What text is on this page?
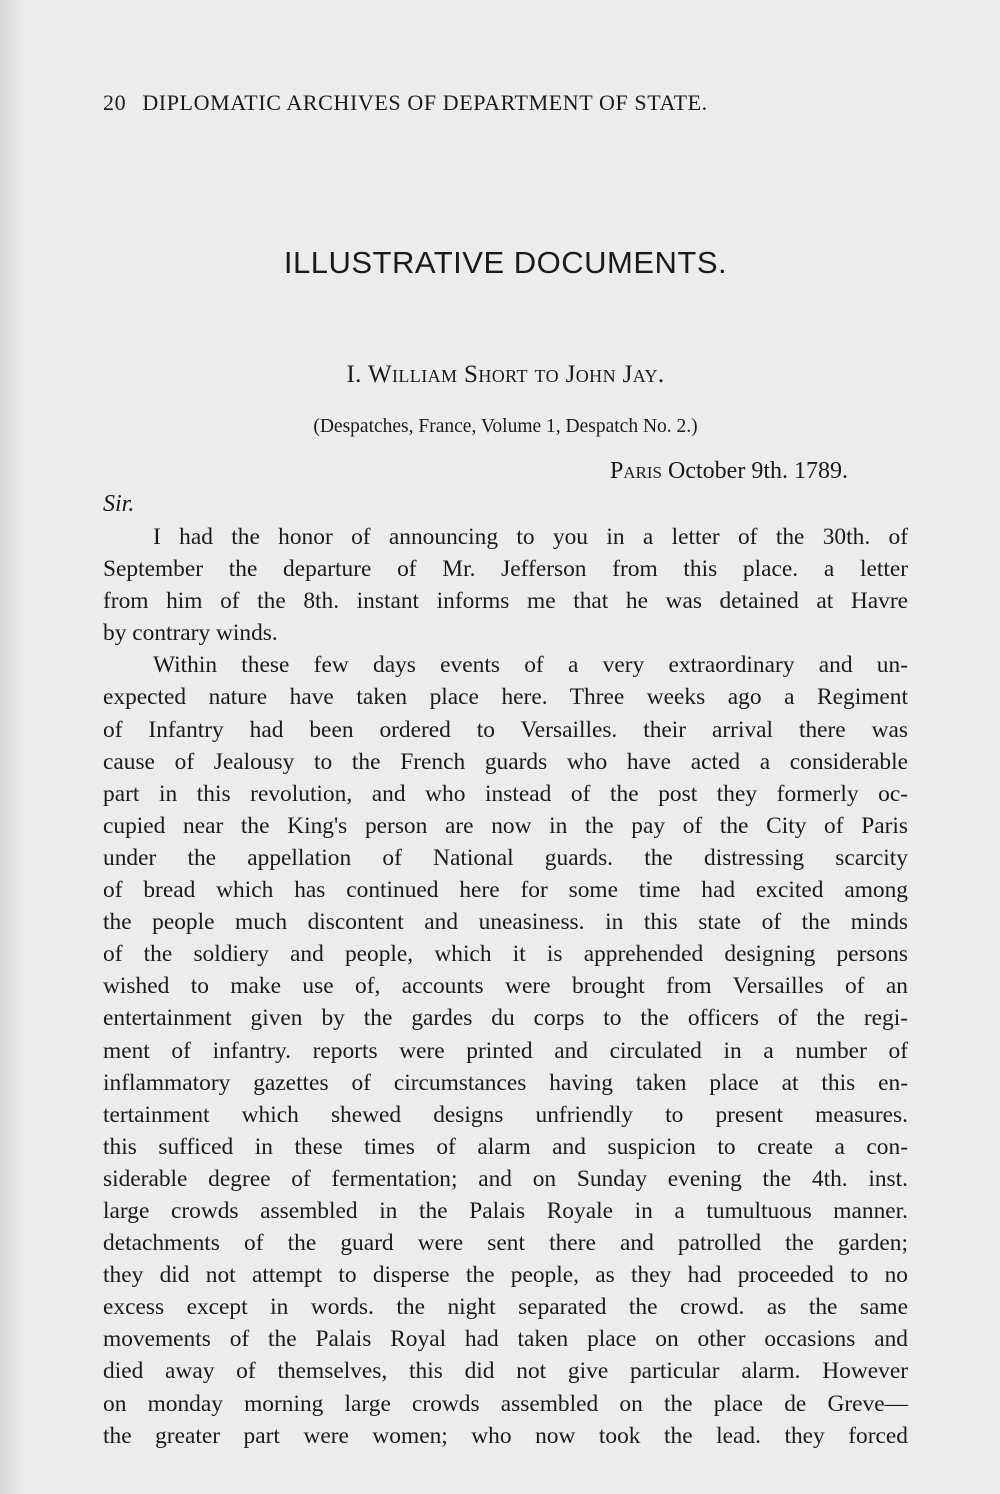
20 DIPLOMATIC ARCHIVES OF DEPARTMENT OF STATE.
ILLUSTRATIVE DOCUMENTS.
I. William Short to John Jay.
(Despatches, France, Volume 1, Despatch No. 2.)
Paris October 9th. 1789.
Sir.
I had the honor of announcing to you in a letter of the 30th. of
September the departure of Mr. Jefferson from this place. a letter
from him of the 8th. instant informs me that he was detained at Havre
by contrary winds.
Within these few days events of a very extraordinary and un-
expected nature have taken place here. Three weeks ago a Regiment
of Infantry had been ordered to Versailles. their arrival there was
cause of Jealousy to the French guards who have acted a considerable
part in this revolution, and who instead of the post they formerly oc-
cupied near the King's person are now in the pay of the City of Paris
under the appellation of National guards. the distressing scarcity
of bread which has continued here for some time had excited among
the people much discontent and uneasiness. in this state of the minds
of the soldiery and people, which it is apprehended designing persons
wished to make use of, accounts were brought from Versailles of an
entertainment given by the gardes du corps to the officers of the regi-
ment of infantry. reports were printed and circulated in a number of
inflammatory gazettes of circumstances having taken place at this en-
tertainment which shewed designs unfriendly to present measures.
this sufficed in these times of alarm and suspicion to create a con-
siderable degree of fermentation; and on Sunday evening the 4th. inst.
large crowds assembled in the Palais Royale in a tumultuous manner.
detachments of the guard were sent there and patrolled the garden;
they did not attempt to disperse the people, as they had proceeded to no
excess except in words. the night separated the crowd. as the same
movements of the Palais Royal had taken place on other occasions and
died away of themselves, this did not give particular alarm. However
on monday morning large crowds assembled on the place de Greve—
the greater part were women; who now took the lead. they forced
